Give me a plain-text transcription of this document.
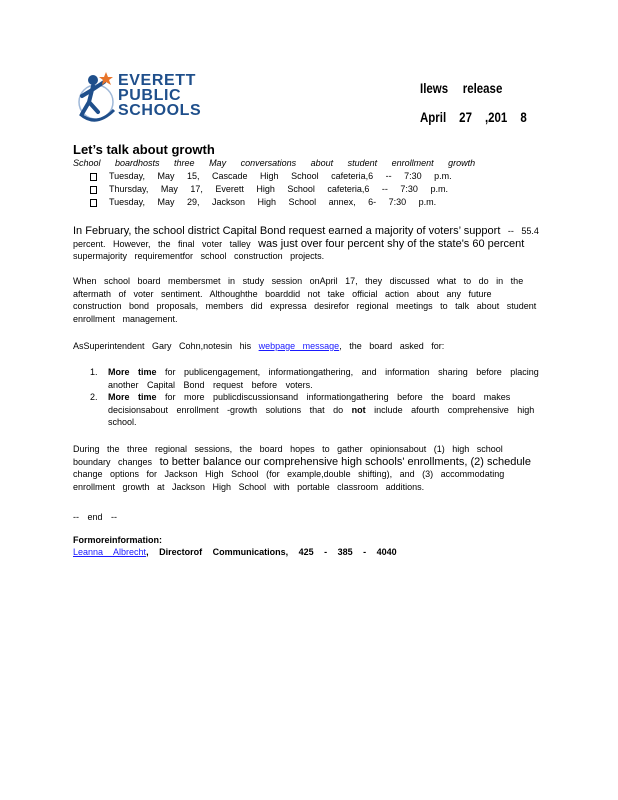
EVERETT
PUBLIC
SCHOOLS
Ilews release
April 27 ,201 8
Let’s talk about growth
School boardhosts three May conversations about student enrollment growth
Tuesday, May 15, Cascade High School cafeteria,6 -- 7:30 p.m.
Thursday, May 17, Everett High School cafeteria,6 -- 7:30 p.m.
Tuesday, May 29, Jackson High School annex, 6- 7:30 p.m.
In February, the school district Capital Bond request earned a majority of voters’ support -- 55.4 percent. However, the final voter talley was just over four percent shy of the state's 60 percent supermajority requirementfor school construction projects.
When school board membersmet in study session onApril 17, they discussed what to do in the aftermath of voter sentiment. Althoughthe boarddid not take official action about any future construction bond proposals, members did expressa desirefor regional meetings to talk about student enrollment management.
AsSuperintendent Gary Cohn,notesin his webpage message, the board asked for:
1. More time for publicengagement, informationgathering, and information sharing before placing another Capital Bond request before voters.
2. More time for more publicdiscussionsand informationgathering before the board makes decisionsabout enrollment -growth solutions that do not include afourth comprehensive high school.
During the three regional sessions, the board hopes to gather opinionsabout (1) high school boundary changes to better balance our comprehensive high schools' enrollments, (2) schedule change options for Jackson High School (for example,double shifting), and (3) accommodating enrollment growth at Jackson High School with portable classroom additions.
-- end --
Formoreinformation:
Leanna Albrecht, Directorof Communications, 425 - 385 - 4040
